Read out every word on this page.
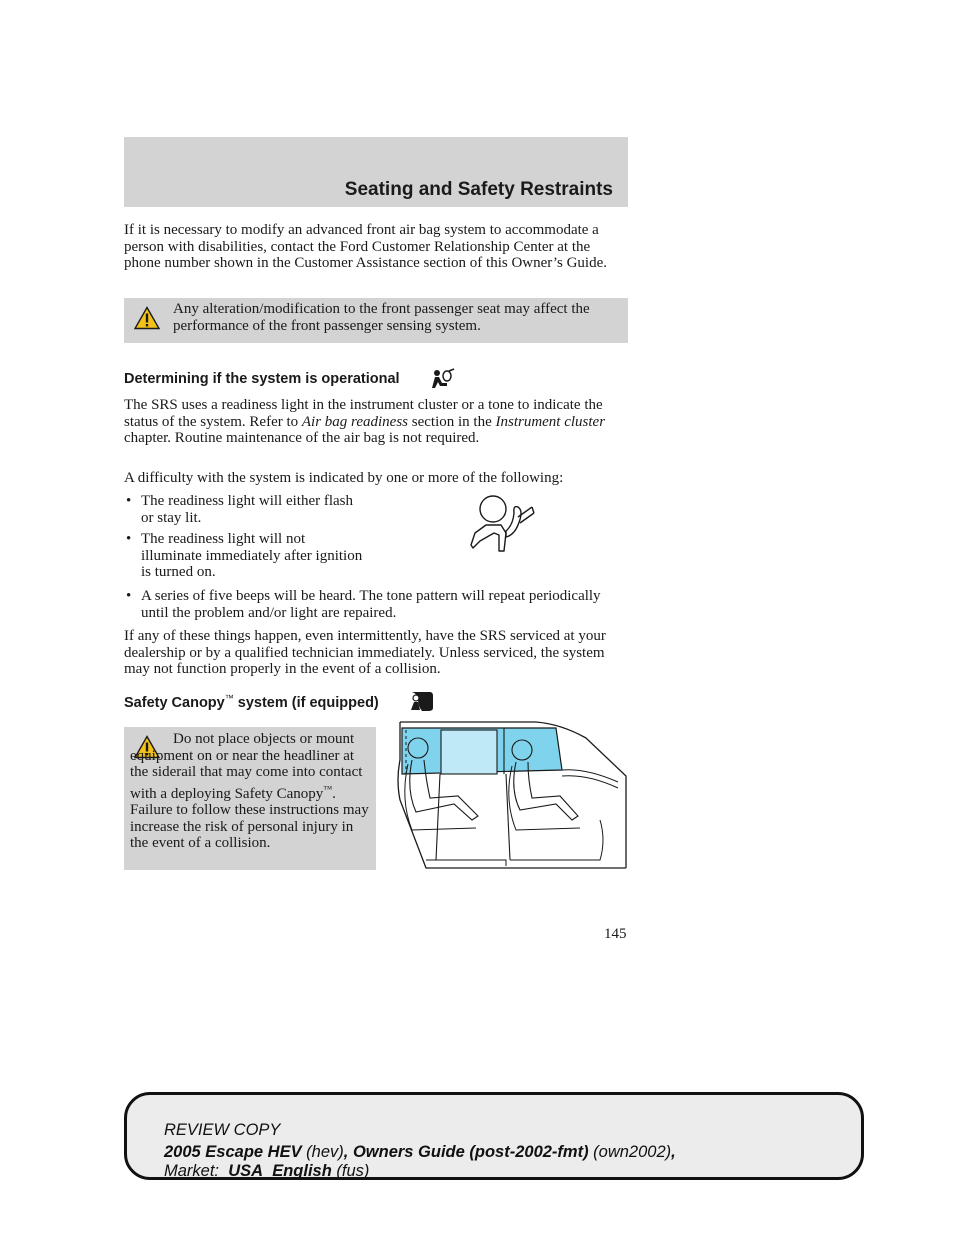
Seating and Safety Restraints

If it is necessary to modify an advanced front air bag system to accommodate a person with disabilities, contact the Ford Customer Relationship Center at the phone number shown in the Customer Assistance section of this Owner’s Guide.

Any alteration/modification to the front passenger seat may affect the performance of the front passenger sensing system.

Determining if the system is operational

The SRS uses a readiness light in the instrument cluster or a tone to indicate the status of the system. Refer to Air bag readiness section in the Instrument cluster chapter. Routine maintenance of the air bag is not required.

A difficulty with the system is indicated by one or more of the following:

• The readiness light will either flash or stay lit.
• The readiness light will not illuminate immediately after ignition is turned on.
• A series of five beeps will be heard. The tone pattern will repeat periodically until the problem and/or light are repaired.

If any of these things happen, even intermittently, have the SRS serviced at your dealership or by a qualified technician immediately. Unless serviced, the system may not function properly in the event of a collision.

Safety Canopy™ system (if equipped)

Do not place objects or mount equipment on or near the headliner at the siderail that may come into contact with a deploying Safety Canopy™. Failure to follow these instructions may increase the risk of personal injury in the event of a collision.

145
REVIEW COPY
2005 Escape HEV (hev), Owners Guide (post-2002-fmt) (own2002),
Market:  USA_English (fus)
